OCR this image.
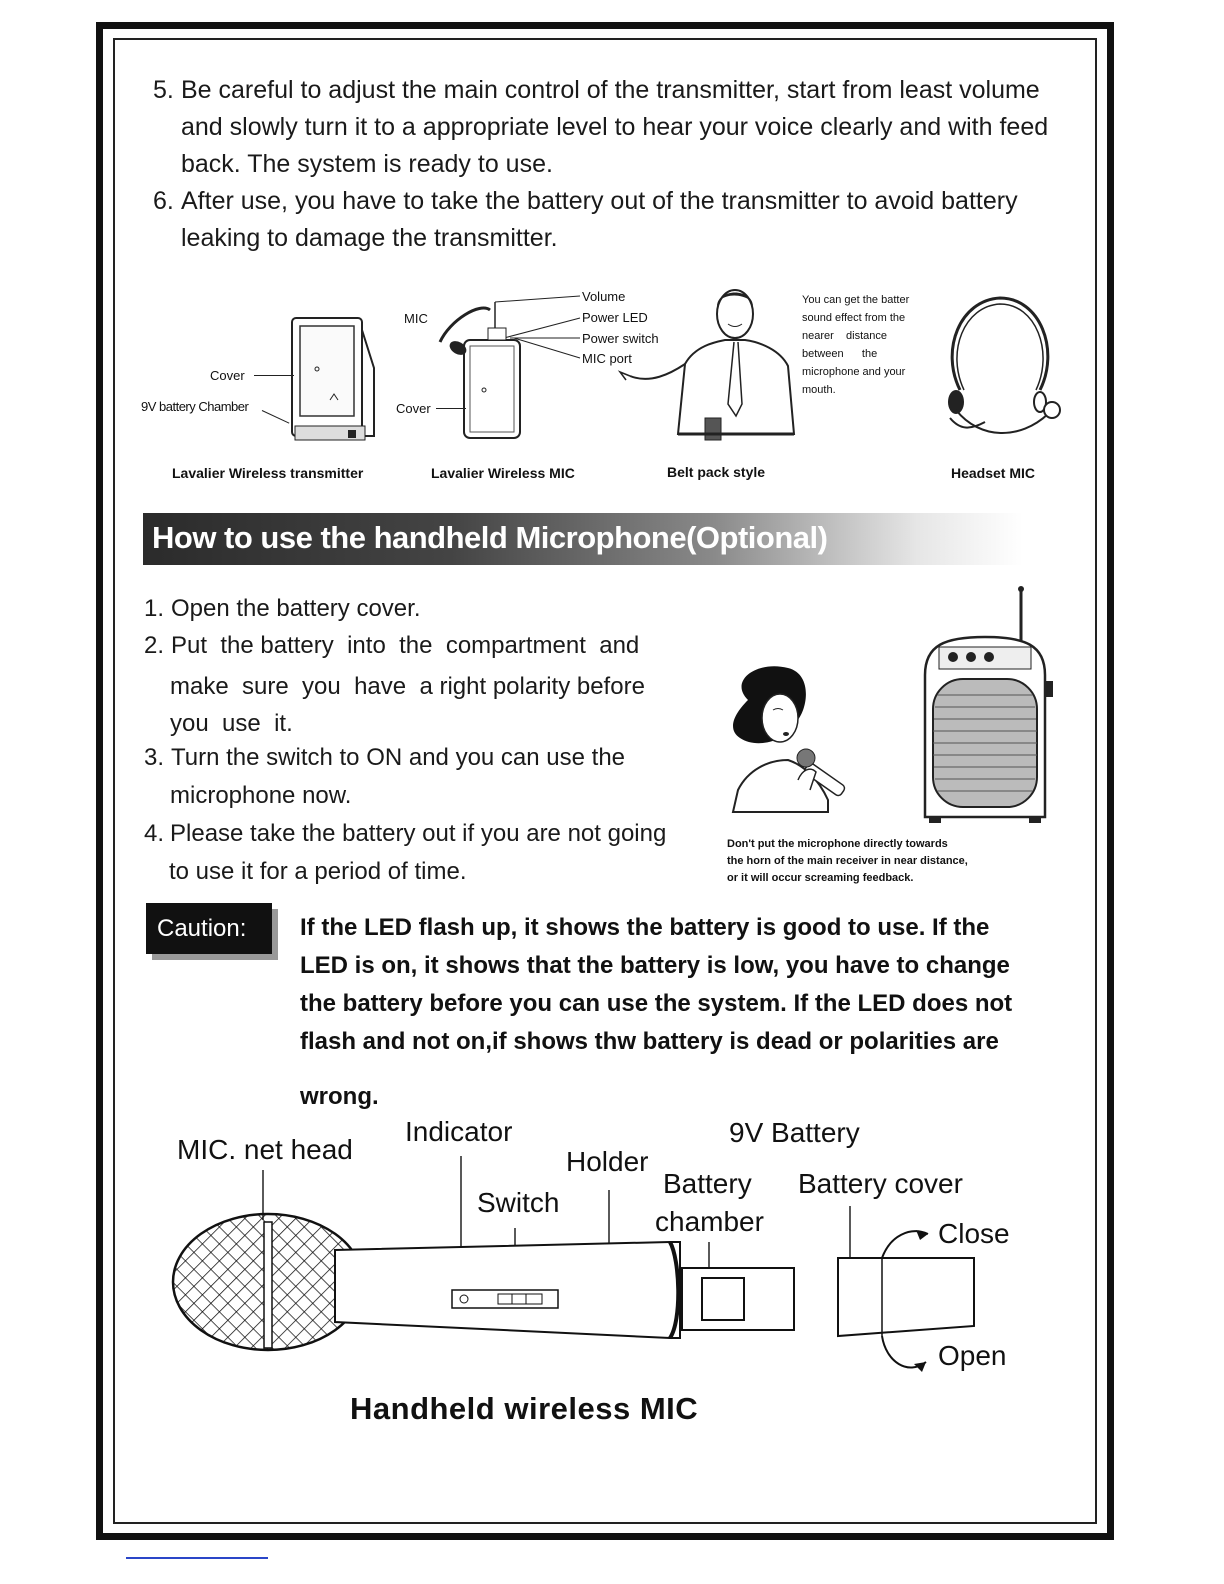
5. Be careful to adjust the main control of the transmitter, start from least volume
and slowly turn it to a appropriate level to hear your voice clearly and with feed
back. The system is ready to use.
6. After use, you have to take the battery out of the transmitter to avoid battery
leaking to damage the transmitter.
Cover
9V battery Chamber
Lavalier Wireless transmitter
MIC
Cover
Volume
Power LED
Power switch
MIC port
Lavalier Wireless MIC
You can get the batter
sound effect from the
nearer    distance
between      the
microphone and your
mouth.
Belt pack style	Headset MIC
How to use the handheld Microphone(Optional)
1. Open the battery cover.
2. Put  the battery  into  the  compartment  and
make  sure  you  have  a right polarity before
you  use  it.
3. Turn the switch to ON and you can use the
microphone now.
4. Please take the battery out if you are not going
to use it for a period of time.
Don't put the microphone directly towards
the horn of the main receiver in near distance,
or it will occur screaming feedback.
Caution: If the LED flash up, it shows the battery is good to use. If the
LED is on, it shows that the battery is low, you have to change
the battery before you can use the system. If the LED does not
flash and not on,if shows thw battery is dead or polarities are
wrong.
MIC. net head
Indicator
Switch
Holder
9V Battery
Battery
chamber
Battery cover
Close
Open
Handheld wireless MIC
